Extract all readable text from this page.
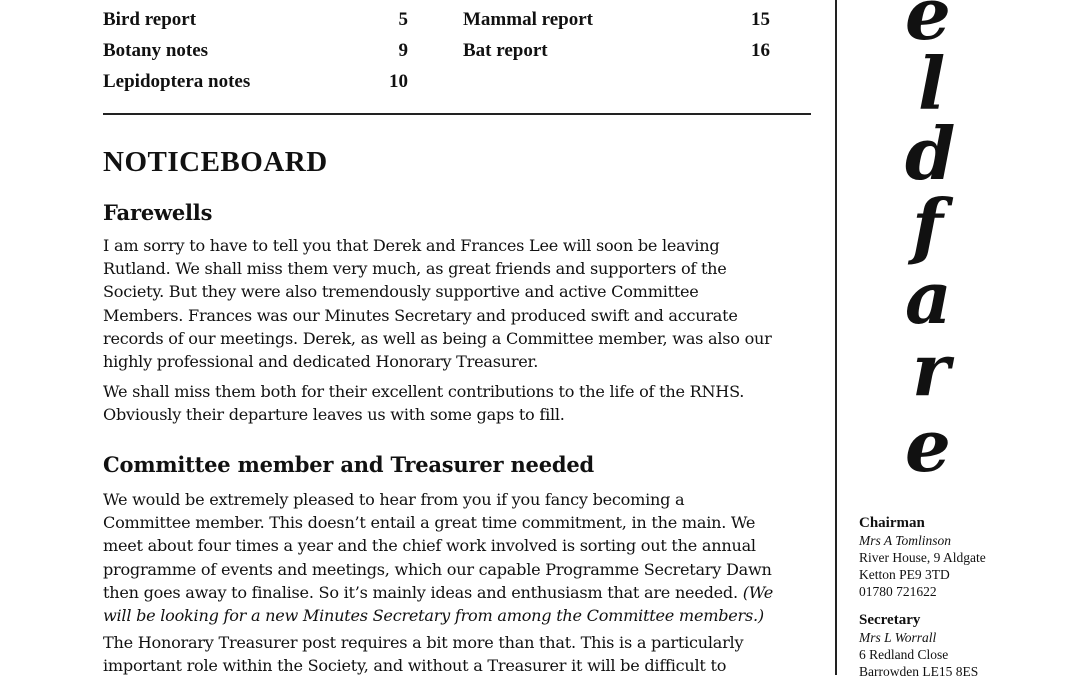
Bird report	5
Botany notes	9
Lepidoptera notes	10
Mammal report	15
Bat report	16
NOTICEBOARD
Farewells
I am sorry to have to tell you that Derek and Frances Lee will soon be leaving
Rutland. We shall miss them very much, as great friends and supporters of the
Society. But they were also tremendously supportive and active Committee
Members. Frances was our Minutes Secretary and produced swift and accurate
records of our meetings. Derek, as well as being a Committee member, was also our
highly professional and dedicated Honorary Treasurer.
We shall miss them both for their excellent contributions to the life of the RNHS.
Obviously their departure leaves us with some gaps to fill.
Committee member and Treasurer needed
We would be extremely pleased to hear from you if you fancy becoming a
Committee member. This doesn’t entail a great time commitment, in the main. We
meet about four times a year and the chief work involved is sorting out the annual
programme of events and meetings, which our capable Programme Secretary Dawn
then goes away to finalise. So it’s mainly ideas and enthusiasm that are needed. (We
will be looking for a new Minutes Secretary from among the Committee members.)
The Honorary Treasurer post requires a bit more than that. This is a particularly
important role within the Society, and without a Treasurer it will be difficult to
e
l
d
f
a
r
e
Chairman
Mrs A Tomlinson
River House, 9 Aldgate
Ketton PE9 3TD
01780 721622
Secretary
Mrs L Worrall
6 Redland Close
Barrowden LE15 8ES
